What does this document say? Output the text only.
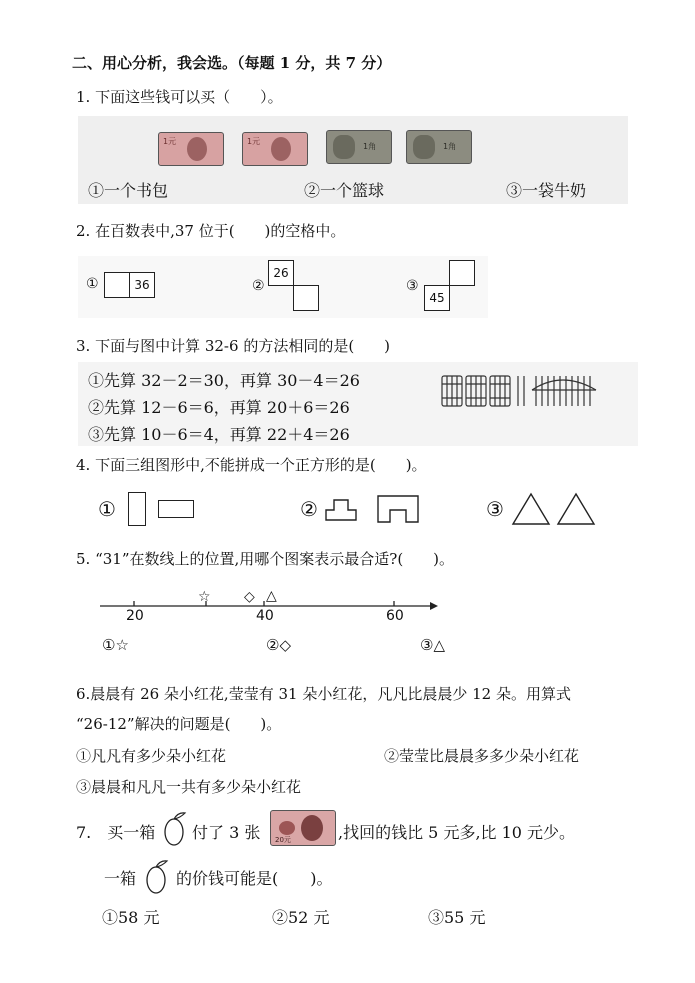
二、用心分析，我会选。（每题 1 分，共 7 分）
1. 下面这些钱可以买（　　）。
1元	1元
1角	1角
①一个书包	②一个篮球	③一袋牛奶
2. 在百数表中,37 位于(　　)的空格中。
①	36	②
26
③
45
3. 下面与图中计算 32-6 的方法相同的是(　　)
①先算 32－2＝30，再算 30－4＝26
②先算 12－6＝6，再算 20＋6＝26
③先算 10－6＝4，再算 22＋4＝26
4. 下面三组图形中,不能拼成一个正方形的是(　　)。
①	②	③
5. “31”在数线上的位置,用哪个图案表示最合适?(　　)。
20	40	60
☆ ◇ △
①☆	②◇	③△
6.晨晨有 26 朵小红花,莹莹有 31 朵小红花，凡凡比晨晨少 12 朵。用算式
“26-12”解决的问题是(　　)。
①凡凡有多少朵小红花	②莹莹比晨晨多多少朵小红花
③晨晨和凡凡一共有多少朵小红花
7.　买一箱 付了 3 张 20元	,找回的钱比 5 元多,比 10 元少。
一箱 的价钱可能是(　　)。
①58 元	②52 元	③55 元
